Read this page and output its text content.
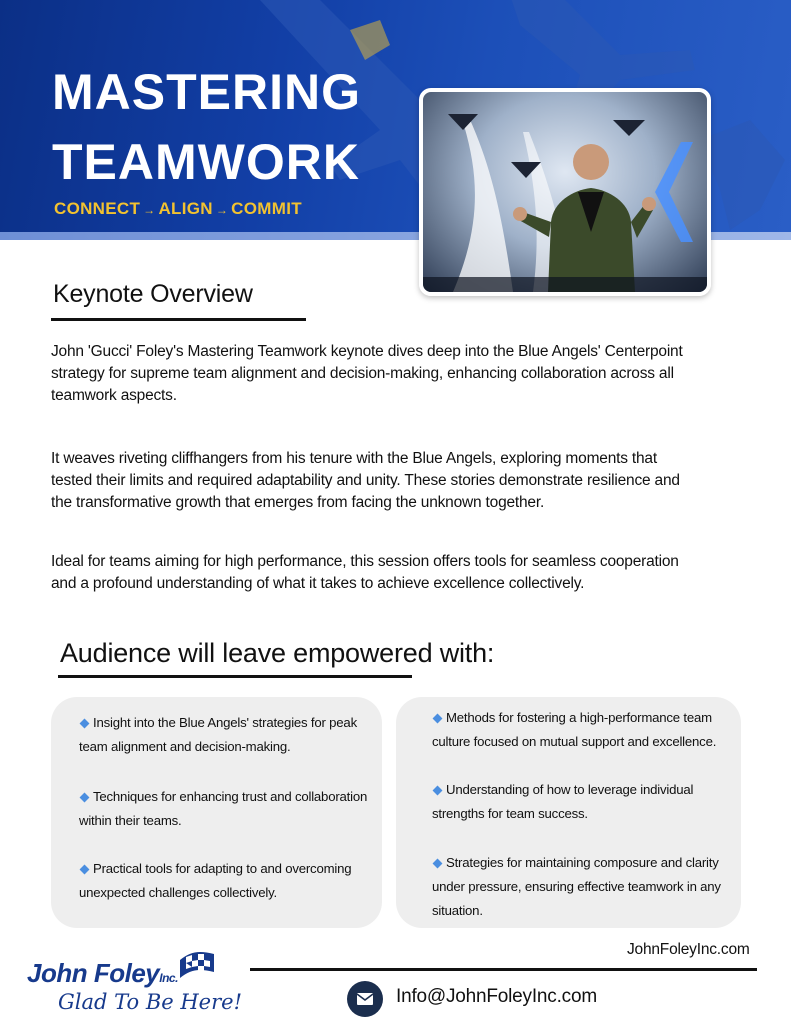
MASTERING
TEAMWORK
CONNECT → ALIGN → COMMIT
Keynote Overview

John 'Gucci' Foley's Mastering Teamwork keynote dives deep into the Blue Angels' Centerpoint
strategy for supreme team alignment and decision-making, enhancing collaboration across all
teamwork aspects.

It weaves riveting cliffhangers from his tenure with the Blue Angels, exploring moments that
tested their limits and required adaptability and unity. These stories demonstrate resilience and
the transformative growth that emerges from facing the unknown together.

Ideal for teams aiming for high performance, this session offers tools for seamless cooperation
and a profound understanding of what it takes to achieve excellence collectively.

Audience will leave empowered with:
Insight into the Blue Angels' strategies for peak
team alignment and decision-making.
Techniques for enhancing trust and collaboration
within their teams.
Practical tools for adapting to and overcoming
unexpected challenges collectively.
Methods for fostering a high-performance team
culture focused on mutual support and excellence.
Understanding of how to leverage individual
strengths for team success.
Strategies for maintaining composure and clarity
under pressure, ensuring effective teamwork in any
situation.
JohnFoleyInc.com
John FoleyInc.
Glad To Be Here!	Info@JohnFoleyInc.com
